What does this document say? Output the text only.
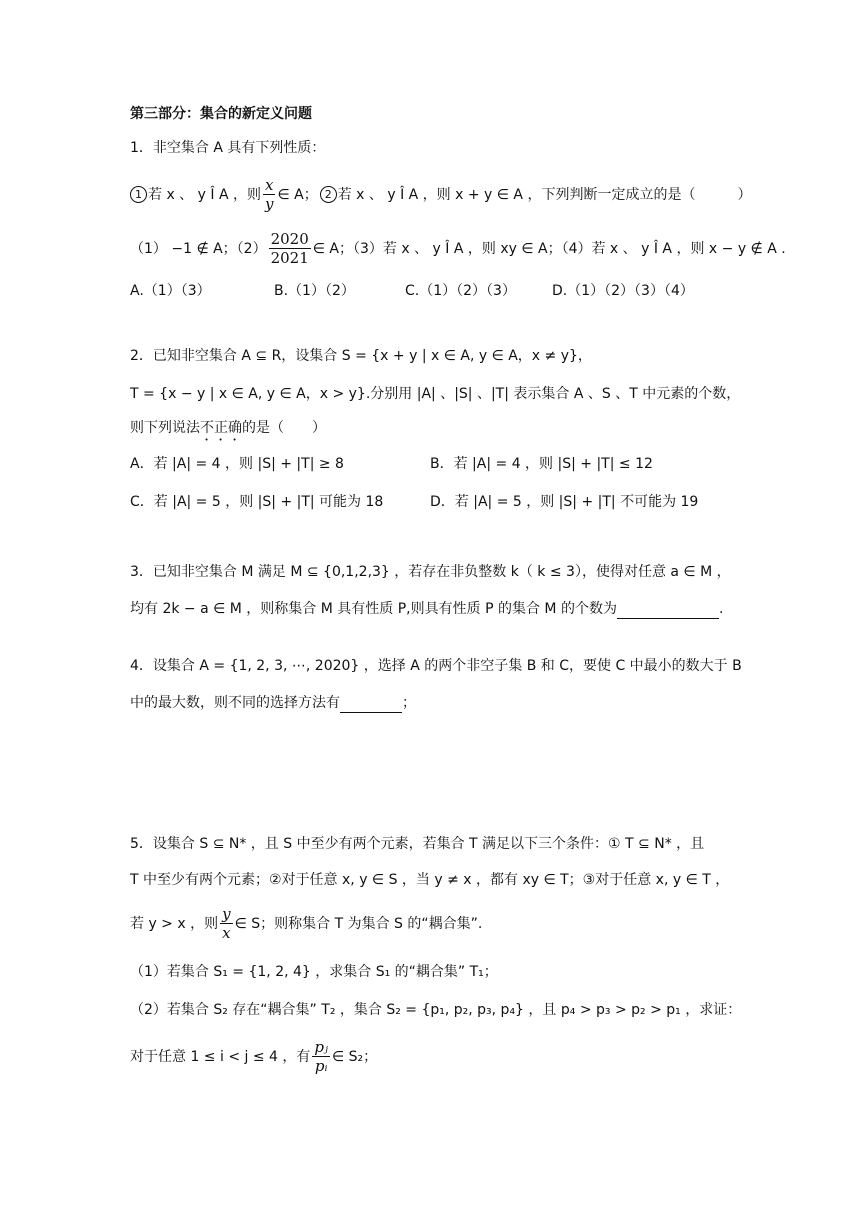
第三部分：集合的新定义问题
1．非空集合 A 具有下列性质：
1 若 x 、 y Î A ，则 $\frac{x}{y}$ ∈ A； 2 若 x 、 y Î A ，则 x + y ∈ A ，下列判断一定成立的是（　　　）
（1） −1 ∉ A；$(2) \frac{2020}{2021}$ ∈ A；（3）若 x 、 y Î A ，则 xy ∈ A；（4）若 x 、 y Î A ，则 x − y ∉ A .
A.（1）（3）	B.（1）（2）	C.（1）（2）（3）	D.（1）（2）（3）（4）
2．已知非空集合 A ⊆ R，设集合 S = {x + y | x ∈ A, y ∈ A，x ≠ y}，
T = {x − y | x ∈ A, y ∈ A，x > y}.分别用 |A| 、|S| 、|T| 表示集合 A 、S 、T 中元素的个数，
则下列说法不正确的是（　　）
A．若 |A| = 4 ，则 |S| + |T| ≥ 8	B．若 |A| = 4 ，则 |S| + |T| ≤ 12
C．若 |A| = 5 ，则 |S| + |T| 可能为 18	D．若 |A| = 5 ，则 |S| + |T| 不可能为 19
3．已知非空集合 M 满足 M ⊆ {0,1,2,3} ，若存在非负整数 k（ k ≤ 3），使得对任意 a ∈ M ，
均有 2k − a ∈ M ，则称集合 M 具有性质 P,则具有性质 P 的集合 M 的个数为	.
4．设集合 A = {1, 2, 3, ⋯, 2020} ，选择 A 的两个非空子集 B 和 C，要使 C 中最小的数大于 B
中的最大数，则不同的选择方法有	；
5．设集合 S ⊆ N* ，且 S 中至少有两个元素，若集合 T 满足以下三个条件：① T ⊆ N* ，且
T 中至少有两个元素；②对于任意 x, y ∈ S ，当 y ≠ x ，都有 xy ∈ T；③对于任意 x, y ∈ T ，
若 y > x ，则 $\frac{y}{x}$ ∈ S；则称集合 T 为集合 S 的“耦合集”.
（1）若集合 S₁ = {1, 2, 4} ，求集合 S₁ 的“耦合集” T₁；
（2）若集合 S₂ 存在“耦合集” T₂ ，集合 S₂ = {p₁, p₂, p₃, p₄} ，且 p₄ > p₃ > p₂ > p₁ ，求证：
对于任意 1 ≤ i < j ≤ 4 ，有 $\frac{\text{pⱼ}}{\text{pᵢ}}$ ∈ S₂；
